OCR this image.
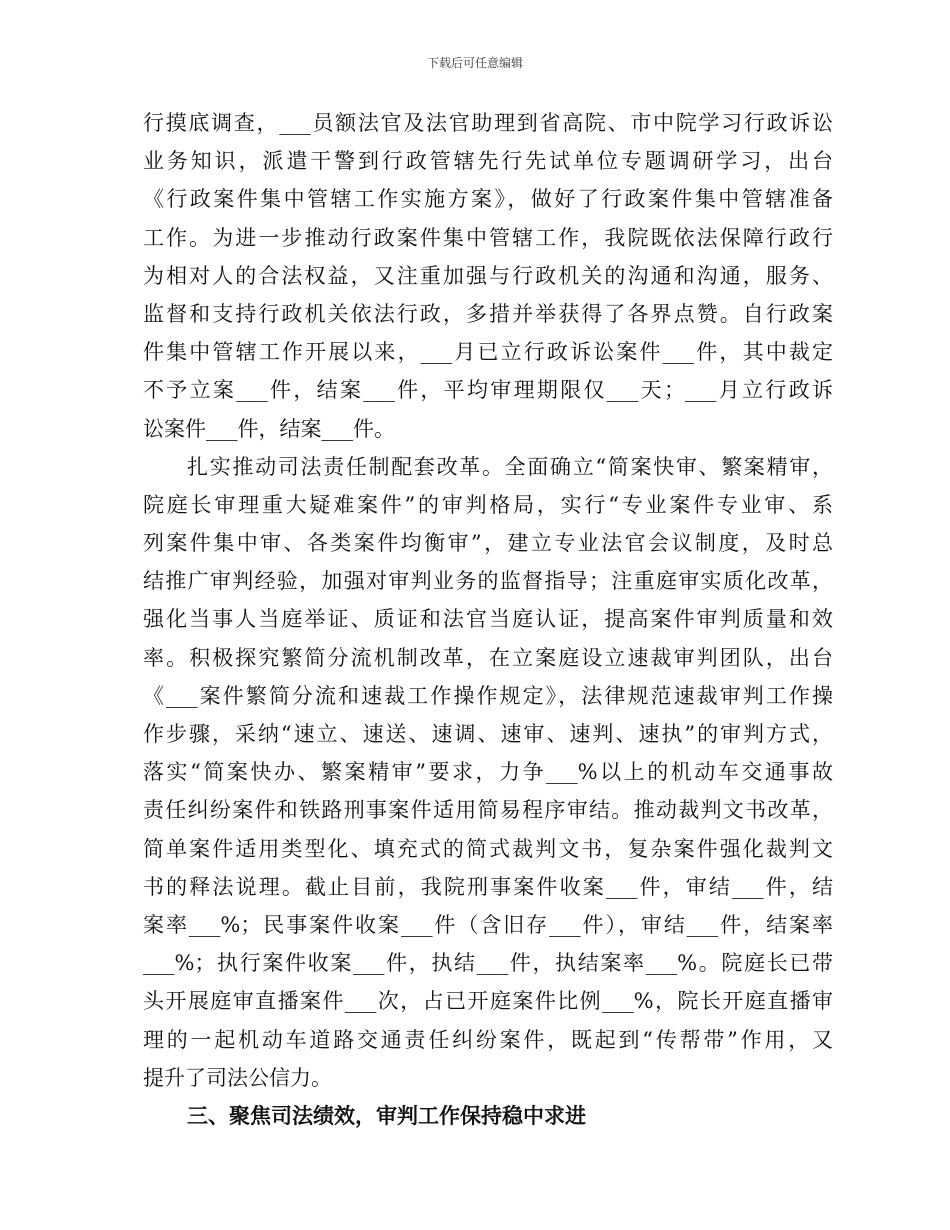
下载后可任意编辑
行摸底调查，___员额法官及法官助理到省高院、市中院学习行政诉讼
业务知识，派遣干警到行政管辖先行先试单位专题调研学习，出台
《行政案件集中管辖工作实施方案》，做好了行政案件集中管辖准备
工作。为进一步推动行政案件集中管辖工作，我院既依法保障行政行
为相对人的合法权益，又注重加强与行政机关的沟通和沟通，服务、
监督和支持行政机关依法行政，多措并举获得了各界点赞。自行政案
件集中管辖工作开展以来，___月已立行政诉讼案件___件，其中裁定
不予立案___件，结案___件，平均审理期限仅___天；___月立行政诉
讼案件___件，结案___件。
扎实推动司法责任制配套改革。全面确立“简案快审、繁案精审，
院庭长审理重大疑难案件”的审判格局，实行“专业案件专业审、系
列案件集中审、各类案件均衡审”，建立专业法官会议制度，及时总
结推广审判经验，加强对审判业务的监督指导；注重庭审实质化改革，
强化当事人当庭举证、质证和法官当庭认证，提高案件审判质量和效
率。积极探究繁简分流机制改革，在立案庭设立速裁审判团队，出台
《___案件繁简分流和速裁工作操作规定》，法律规范速裁审判工作操
作步骤，采纳“速立、速送、速调、速审、速判、速执”的审判方式，
落实“简案快办、繁案精审”要求，力争___%以上的机动车交通事故
责任纠纷案件和铁路刑事案件适用简易程序审结。推动裁判文书改革，
简单案件适用类型化、填充式的简式裁判文书，复杂案件强化裁判文
书的释法说理。截止目前，我院刑事案件收案___件，审结___件，结
案率___%；民事案件收案___件（含旧存___件），审结___件，结案率
___%；执行案件收案___件，执结___件，执结案率___%。院庭长已带
头开展庭审直播案件___次，占已开庭案件比例___%，院长开庭直播审
理的一起机动车道路交通责任纠纷案件，既起到“传帮带”作用，又
提升了司法公信力。
三、聚焦司法绩效，审判工作保持稳中求进
